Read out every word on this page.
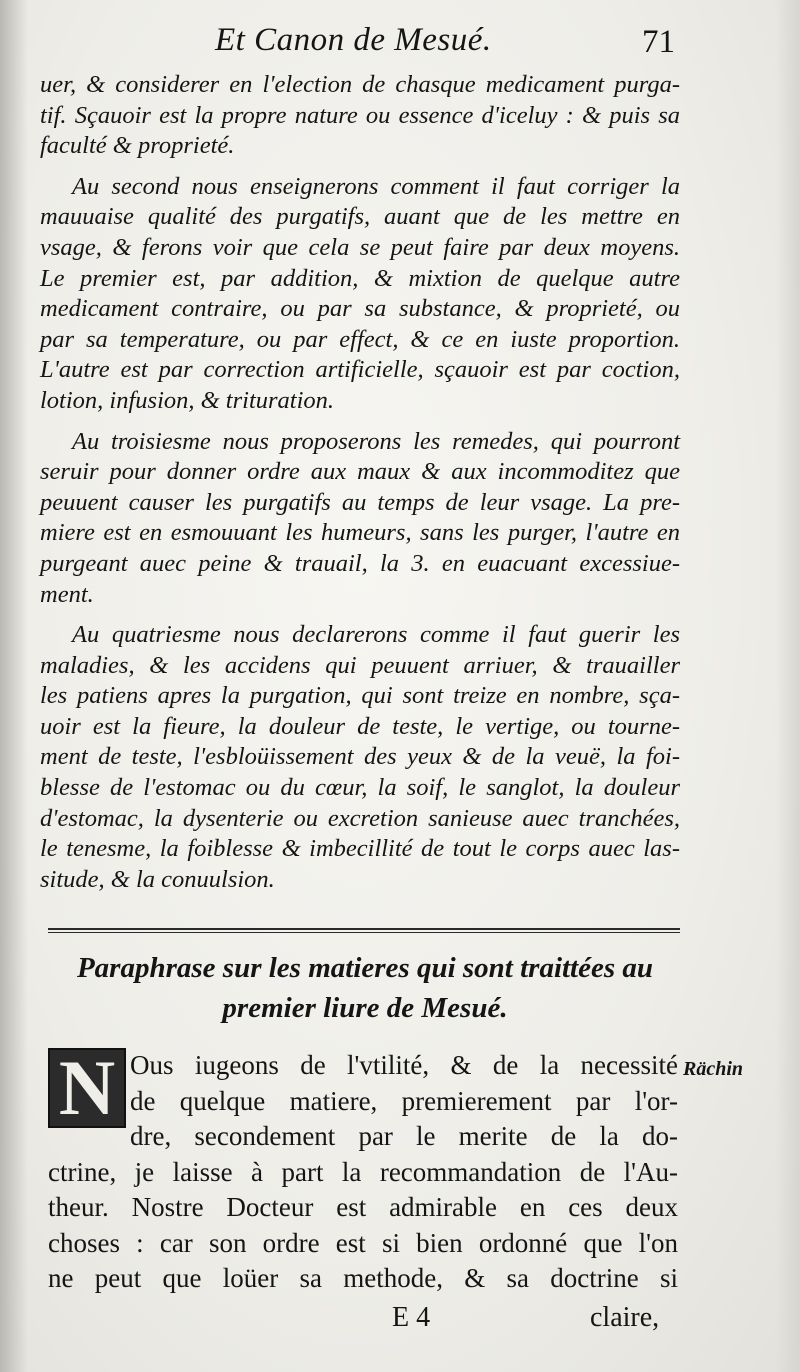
Et Canon de Mesué.	71
uer, & considerer en l'election de chasque medicament purga-
tif. Sçauoir est la propre nature ou essence d'iceluy : & puis sa
faculté & proprieté.
Au second nous enseignerons comment il faut corriger la
mauuaise qualité des purgatifs, auant que de les mettre en
vsage, & ferons voir que cela se peut faire par deux moyens.
Le premier est, par addition, & mixtion de quelque autre
medicament contraire, ou par sa substance, & proprieté, ou
par sa temperature, ou par effect, & ce en iuste proportion.
L'autre est par correction artificielle, sçauoir est par coction,
lotion, infusion, & trituration.
Au troisiesme nous proposerons les remedes, qui pourront
seruir pour donner ordre aux maux & aux incommoditez que
peuuent causer les purgatifs au temps de leur vsage. La pre-
miere est en esmouuant les humeurs, sans les purger, l'autre en
purgeant auec peine & trauail, la 3. en euacuant excessiue-
ment.
Au quatriesme nous declarerons comme il faut guerir les
maladies, & les accidens qui peuuent arriuer, & trauailler
les patiens apres la purgation, qui sont treize en nombre, sça-
uoir est la fieure, la douleur de teste, le vertige, ou tourne-
ment de teste, l'esbloüissement des yeux & de la veuë, la foi-
blesse de l'estomac ou du cœur, la soif, le sanglot, la douleur
d'estomac, la dysenterie ou excretion sanieuse auec tranchées,
le tenesme, la foiblesse & imbecillité de tout le corps auec las-
situde, & la conuulsion.
Paraphrase sur les matieres qui sont traittées au
premier liure de Mesué.
N Ous iugeons de l'vtilité, & de la necessité
de quelque matiere, premierement par l'or-
dre, secondement par le merite de la do-
ctrine, je laisse à part la recommandation de l'Au-
theur. Nostre Docteur est admirable en ces deux
choses : car son ordre est si bien ordonné que l'on
ne peut que loüer sa methode, & sa doctrine si
Rächin
E 4	claire,
